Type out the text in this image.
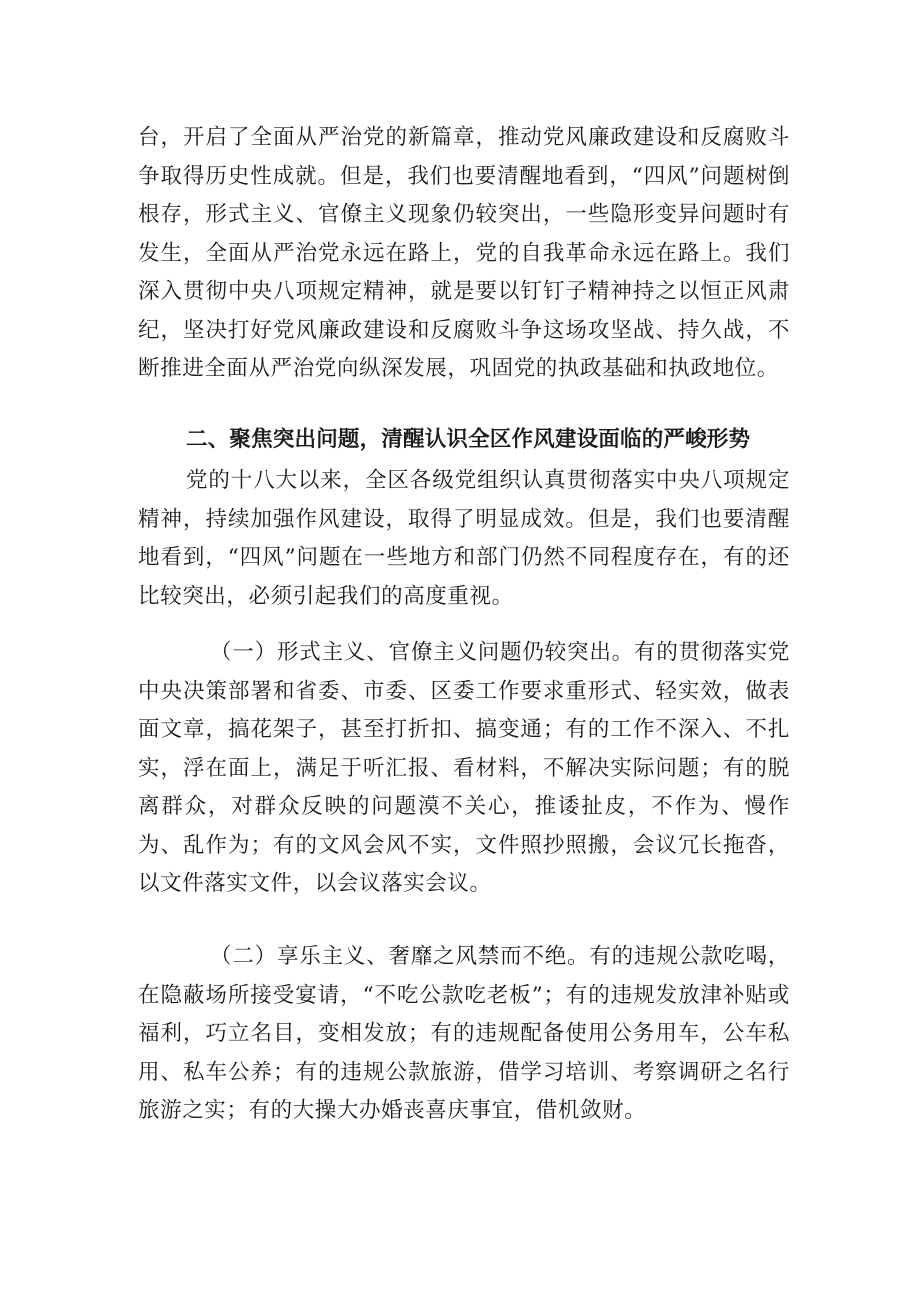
台，开启了全面从严治党的新篇章，推动党风廉政建设和反腐败斗争取得历史性成就。但是，我们也要清醒地看到，“四风”问题树倒根存，形式主义、官僚主义现象仍较突出，一些隐形变异问题时有发生，全面从严治党永远在路上，党的自我革命永远在路上。我们深入贯彻中央八项规定精神，就是要以钉钉子精神持之以恒正风肃纪，坚决打好党风廉政建设和反腐败斗争这场攻坚战、持久战，不断推进全面从严治党向纵深发展，巩固党的执政基础和执政地位。

二、聚焦突出问题，清醒认识全区作风建设面临的严峻形势

党的十八大以来，全区各级党组织认真贯彻落实中央八项规定精神，持续加强作风建设，取得了明显成效。但是，我们也要清醒地看到，“四风”问题在一些地方和部门仍然不同程度存在，有的还比较突出，必须引起我们的高度重视。

（一）形式主义、官僚主义问题仍较突出。有的贯彻落实党中央决策部署和省委、市委、区委工作要求重形式、轻实效，做表面文章，搞花架子，甚至打折扣、搞变通；有的工作不深入、不扎实，浮在面上，满足于听汇报、看材料，不解决实际问题；有的脱离群众，对群众反映的问题漠不关心，推诿扯皮，不作为、慢作为、乱作为；有的文风会风不实，文件照抄照搬，会议冗长拖沓，以文件落实文件，以会议落实会议。

（二）享乐主义、奢靡之风禁而不绝。有的违规公款吃喝，在隐蔽场所接受宴请，“不吃公款吃老板”；有的违规发放津补贴或福利，巧立名目，变相发放；有的违规配备使用公务用车，公车私用、私车公养；有的违规公款旅游，借学习培训、考察调研之名行旅游之实；有的大操大办婚丧喜庆事宜，借机敛财。
